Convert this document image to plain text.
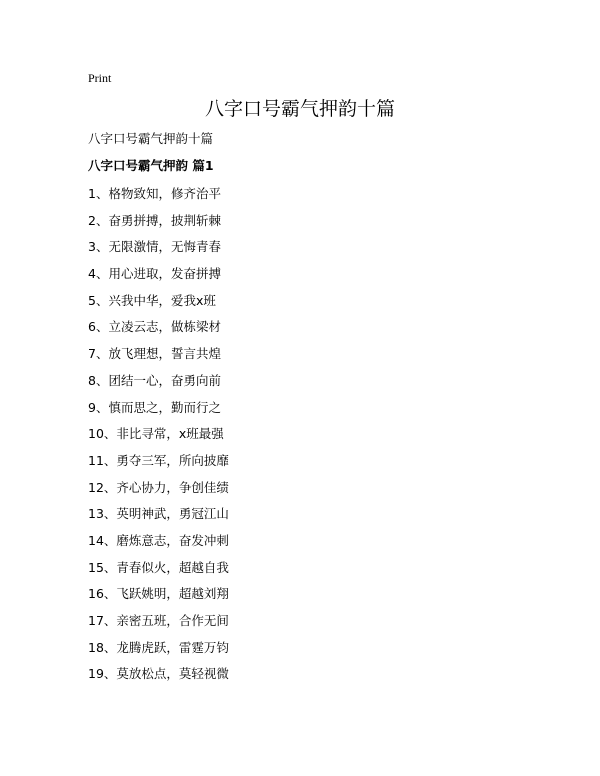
Print
八字口号霸气押韵十篇
八字口号霸气押韵十篇
八字口号霸气押韵 篇1
1、格物致知，修齐治平
2、奋勇拼搏，披荆斩棘
3、无限激情，无悔青春
4、用心进取，发奋拼搏
5、兴我中华，爱我x班
6、立凌云志，做栋梁材
7、放飞理想，誓言共煌
8、团结一心，奋勇向前
9、慎而思之，勤而行之
10、非比寻常，x班最强
11、勇夺三军，所向披靡
12、齐心协力，争创佳绩
13、英明神武，勇冠江山
14、磨炼意志，奋发冲刺
15、青春似火，超越自我
16、飞跃姚明，超越刘翔
17、亲密五班，合作无间
18、龙腾虎跃，雷霆万钧
19、莫放松点，莫轻视微
